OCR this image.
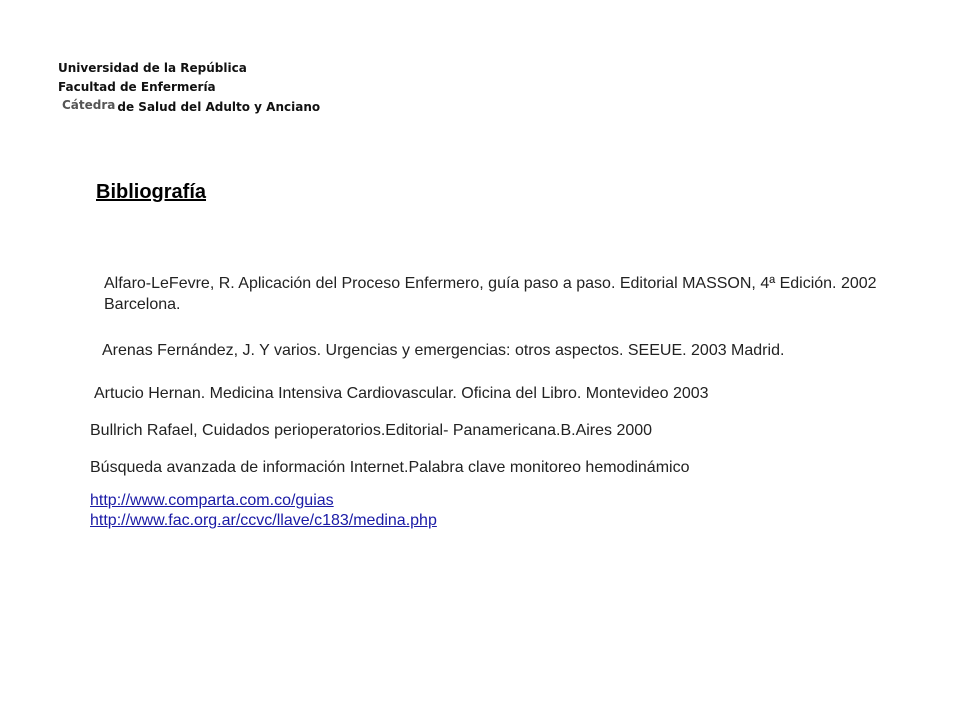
Universidad de la República
Facultad de Enfermería
Cátedra de Salud del Adulto y Anciano
Bibliografía
Alfaro-LeFevre, R. Aplicación del Proceso Enfermero, guía paso a paso. Editorial MASSON, 4ª Edición. 2002 Barcelona.
Arenas Fernández, J. Y varios. Urgencias y emergencias: otros aspectos. SEEUE. 2003 Madrid.
Artucio Hernan. Medicina Intensiva Cardiovascular. Oficina del Libro. Montevideo 2003
Bullrich Rafael, Cuidados perioperatorios.Editorial- Panamericana.B.Aires 2000
Búsqueda avanzada de información Internet.Palabra clave monitoreo hemodinámico
http://www.comparta.com.co/guias
http://www.fac.org.ar/ccvc/llave/c183/medina.php
